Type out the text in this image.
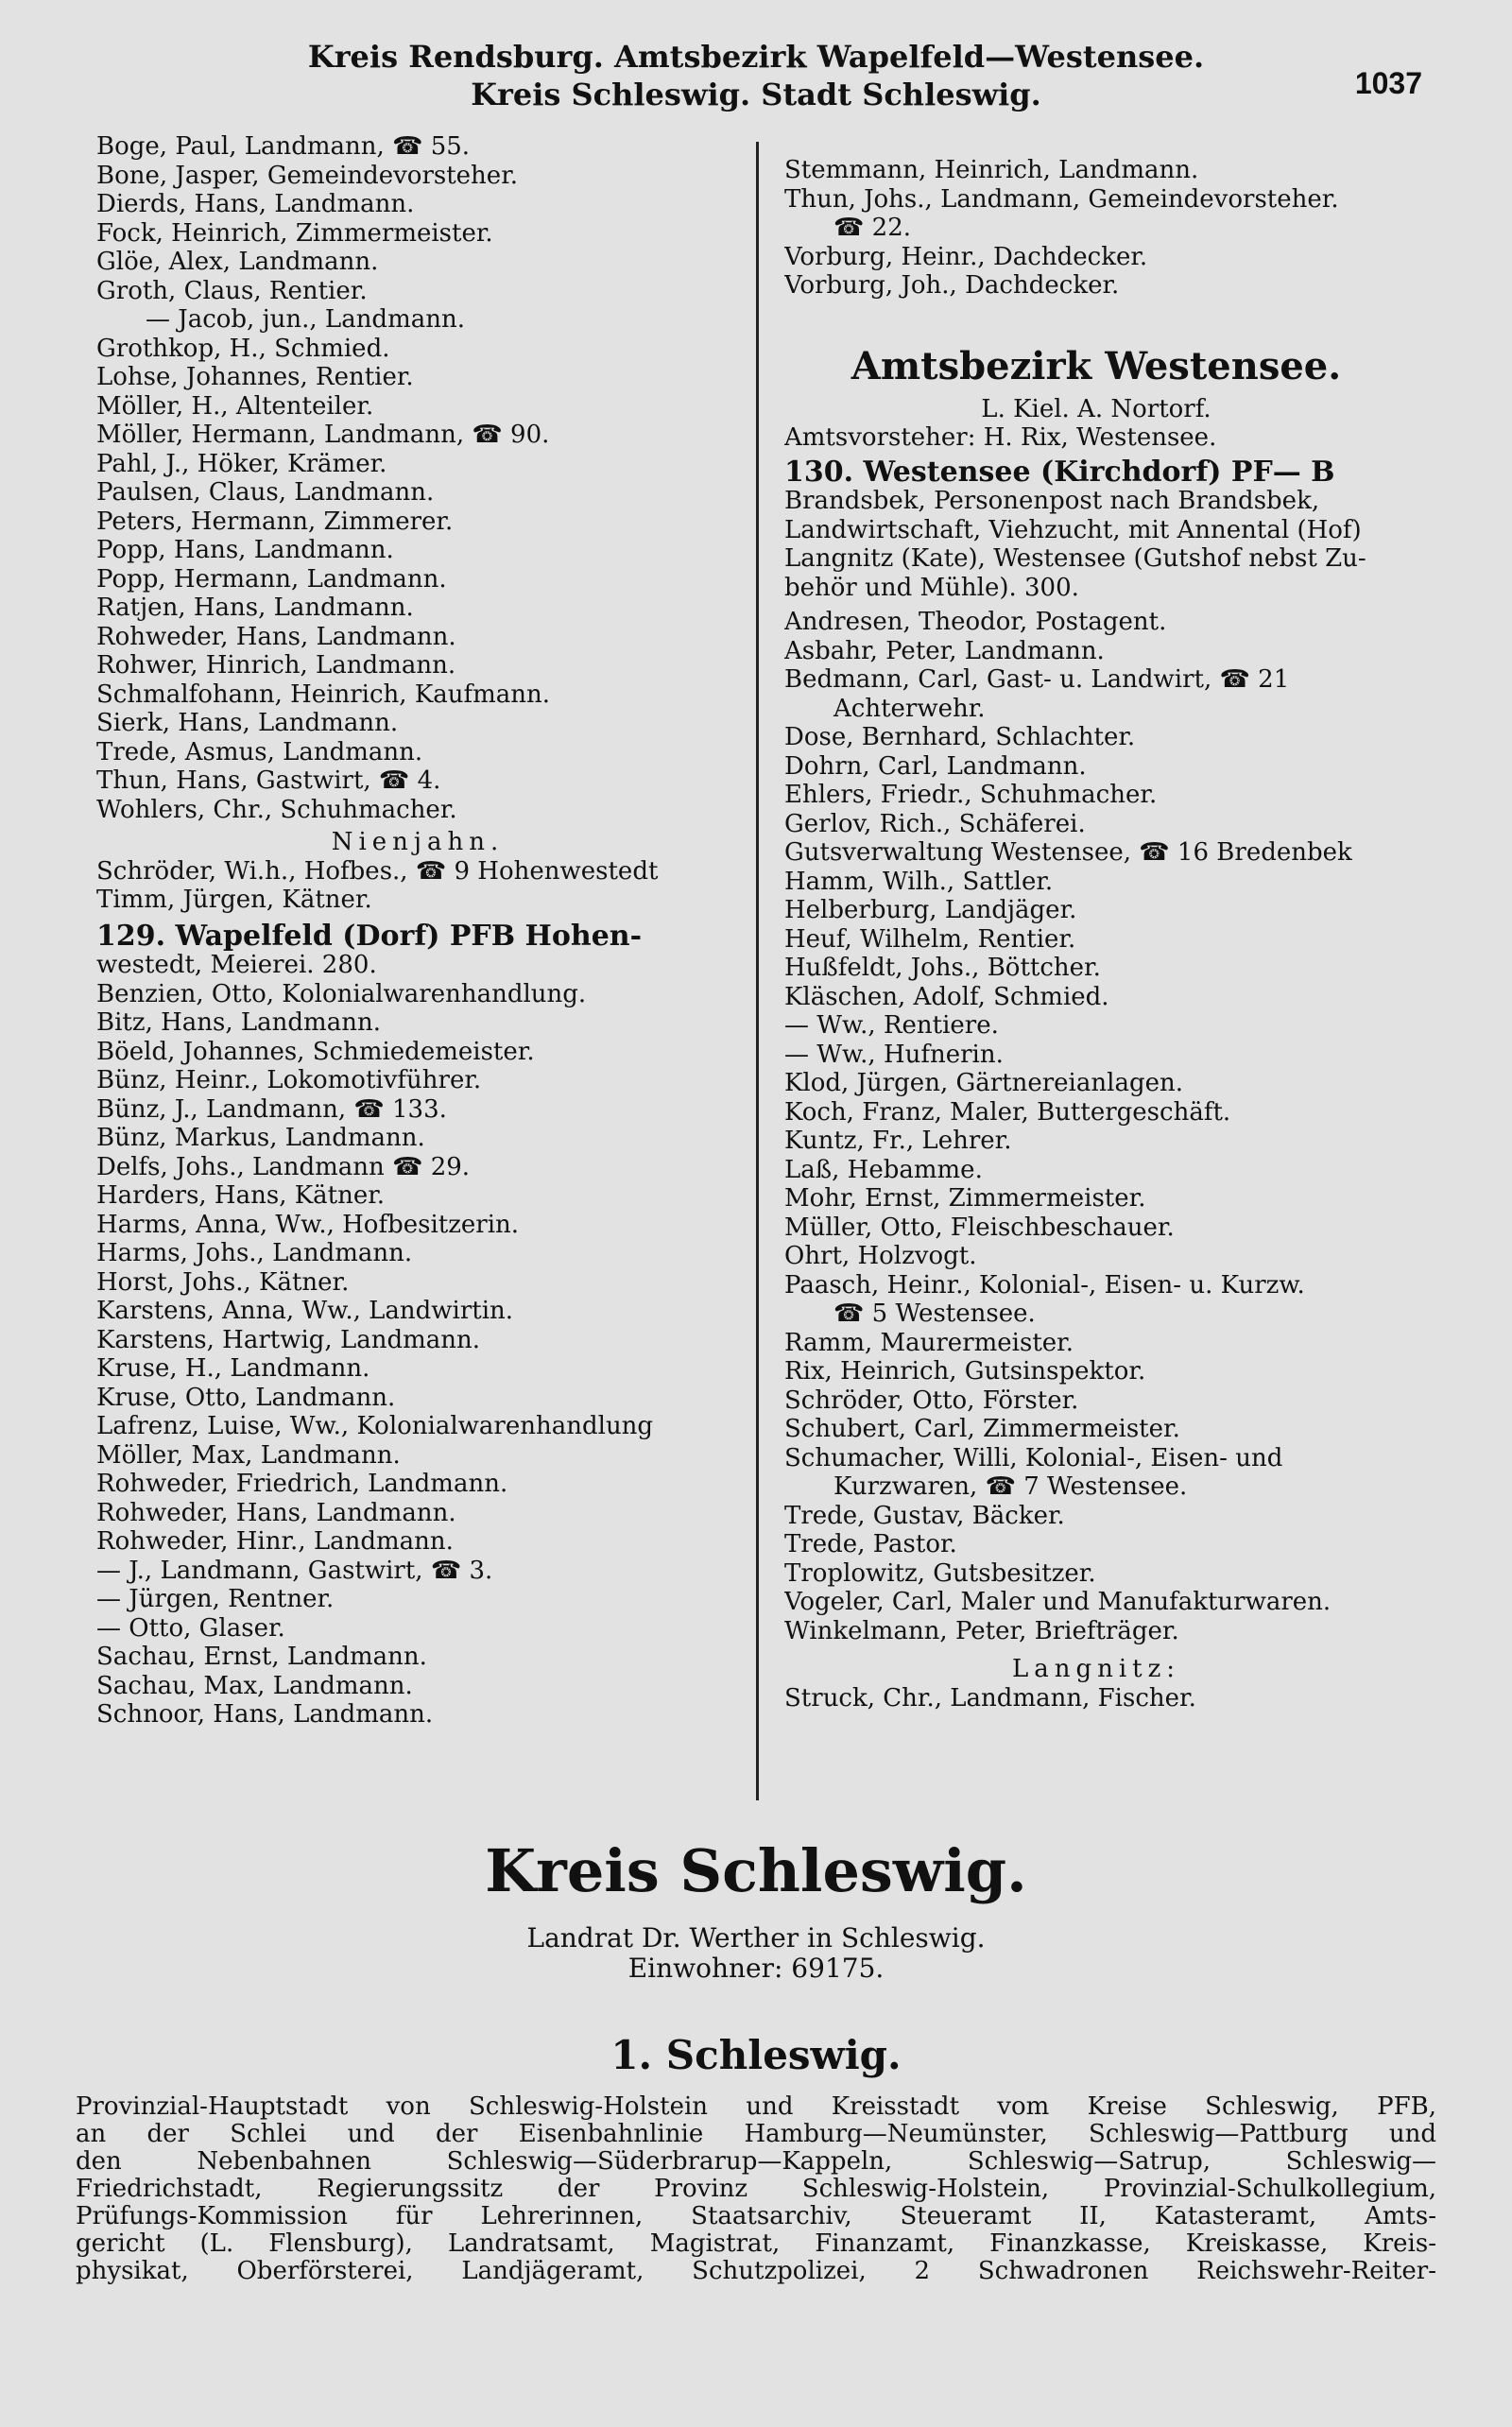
Kreis Rendsburg. Amtsbezirk Wapelfeld—Westensee.
Kreis Schleswig. Stadt Schleswig.	1037
Boge, Paul, Landmann, ☎ 55.
Bone, Jasper, Gemeindevorsteher.
Dierds, Hans, Landmann.
Fock, Heinrich, Zimmermeister.
Glöe, Alex, Landmann.
Groth, Claus, Rentier.
— Jacob, jun., Landmann.
Grothkop, H., Schmied.
Lohse, Johannes, Rentier.
Möller, H., Altenteiler.
Möller, Hermann, Landmann, ☎ 90.
Pahl, J., Höker, Krämer.
Paulsen, Claus, Landmann.
Peters, Hermann, Zimmerer.
Popp, Hans, Landmann.
Popp, Hermann, Landmann.
Ratjen, Hans, Landmann.
Rohweder, Hans, Landmann.
Rohwer, Hinrich, Landmann.
Schmalfohann, Heinrich, Kaufmann.
Sierk, Hans, Landmann.
Trede, Asmus, Landmann.
Thun, Hans, Gastwirt, ☎ 4.
Wohlers, Chr., Schuhmacher.
Nienjahn.
Schröder, Wi.h., Hofbes., ☎ 9 Hohenwestedt
Timm, Jürgen, Kätner.
129. Wapelfeld (Dorf) PFB Hohen-
westedt, Meierei. 280.
Benzien, Otto, Kolonialwarenhandlung.
Bitz, Hans, Landmann.
Böeld, Johannes, Schmiedemeister.
Bünz, Heinr., Lokomotivführer.
Bünz, J., Landmann, ☎ 133.
Bünz, Markus, Landmann.
Delfs, Johs., Landmann ☎ 29.
Harders, Hans, Kätner.
Harms, Anna, Ww., Hofbesitzerin.
Harms, Johs., Landmann.
Horst, Johs., Kätner.
Karstens, Anna, Ww., Landwirtin.
Karstens, Hartwig, Landmann.
Kruse, H., Landmann.
Kruse, Otto, Landmann.
Lafrenz, Luise, Ww., Kolonialwarenhandlung
Möller, Max, Landmann.
Rohweder, Friedrich, Landmann.
Rohweder, Hans, Landmann.
Rohweder, Hinr., Landmann.
— J., Landmann, Gastwirt, ☎ 3.
— Jürgen, Rentner.
— Otto, Glaser.
Sachau, Ernst, Landmann.
Sachau, Max, Landmann.
Schnoor, Hans, Landmann.
Stemmann, Heinrich, Landmann.
Thun, Johs., Landmann, Gemeindevorsteher.
☎ 22.
Vorburg, Heinr., Dachdecker.
Vorburg, Joh., Dachdecker.
Amtsbezirk Westensee.
L. Kiel. A. Nortorf.
Amtsvorsteher: H. Rix, Westensee.
130. Westensee (Kirchdorf) PF— B
Brandsbek, Personenpost nach Brandsbek,
Landwirtschaft, Viehzucht, mit Annental (Hof)
Langnitz (Kate), Westensee (Gutshof nebst Zu-
behör und Mühle). 300.
Andresen, Theodor, Postagent.
Asbahr, Peter, Landmann.
Bedmann, Carl, Gast- u. Landwirt, ☎ 21
Achterwehr.
Dose, Bernhard, Schlachter.
Dohrn, Carl, Landmann.
Ehlers, Friedr., Schuhmacher.
Gerlov, Rich., Schäferei.
Gutsverwaltung Westensee, ☎ 16 Bredenbek
Hamm, Wilh., Sattler.
Helberburg, Landjäger.
Heuf, Wilhelm, Rentier.
Hußfeldt, Johs., Böttcher.
Kläschen, Adolf, Schmied.
— Ww., Rentiere.
— Ww., Hufnerin.
Klod, Jürgen, Gärtnereianlagen.
Koch, Franz, Maler, Buttergeschäft.
Kuntz, Fr., Lehrer.
Laß, Hebamme.
Mohr, Ernst, Zimmermeister.
Müller, Otto, Fleischbeschauer.
Ohrt, Holzvogt.
Paasch, Heinr., Kolonial-, Eisen- u. Kurzw.
☎ 5 Westensee.
Ramm, Maurermeister.
Rix, Heinrich, Gutsinspektor.
Schröder, Otto, Förster.
Schubert, Carl, Zimmermeister.
Schumacher, Willi, Kolonial-, Eisen- und
Kurzwaren, ☎ 7 Westensee.
Trede, Gustav, Bäcker.
Trede, Pastor.
Troplowitz, Gutsbesitzer.
Vogeler, Carl, Maler und Manufakturwaren.
Winkelmann, Peter, Briefträger.
Langnitz:
Struck, Chr., Landmann, Fischer.
Kreis Schleswig.
Landrat Dr. Werther in Schleswig.
Einwohner: 69175.
1. Schleswig.
Provinzial-Hauptstadt von Schleswig-Holstein und Kreisstadt vom Kreise Schleswig, PFB,
an der Schlei und der Eisenbahnlinie Hamburg—Neumünster, Schleswig—Pattburg und
den Nebenbahnen Schleswig—Süderbrarup—Kappeln, Schleswig—Satrup, Schleswig—
Friedrichstadt, Regierungssitz der Provinz Schleswig-Holstein, Provinzial-Schulkollegium,
Prüfungs-Kommission für Lehrerinnen, Staatsarchiv, Steueramt II, Katasteramt, Amts-
gericht (L. Flensburg), Landratsamt, Magistrat, Finanzamt, Finanzkasse, Kreiskasse, Kreis-
physikat, Oberförsterei, Landjägeramt, Schutzpolizei, 2 Schwadronen Reichswehr-Reiter-
